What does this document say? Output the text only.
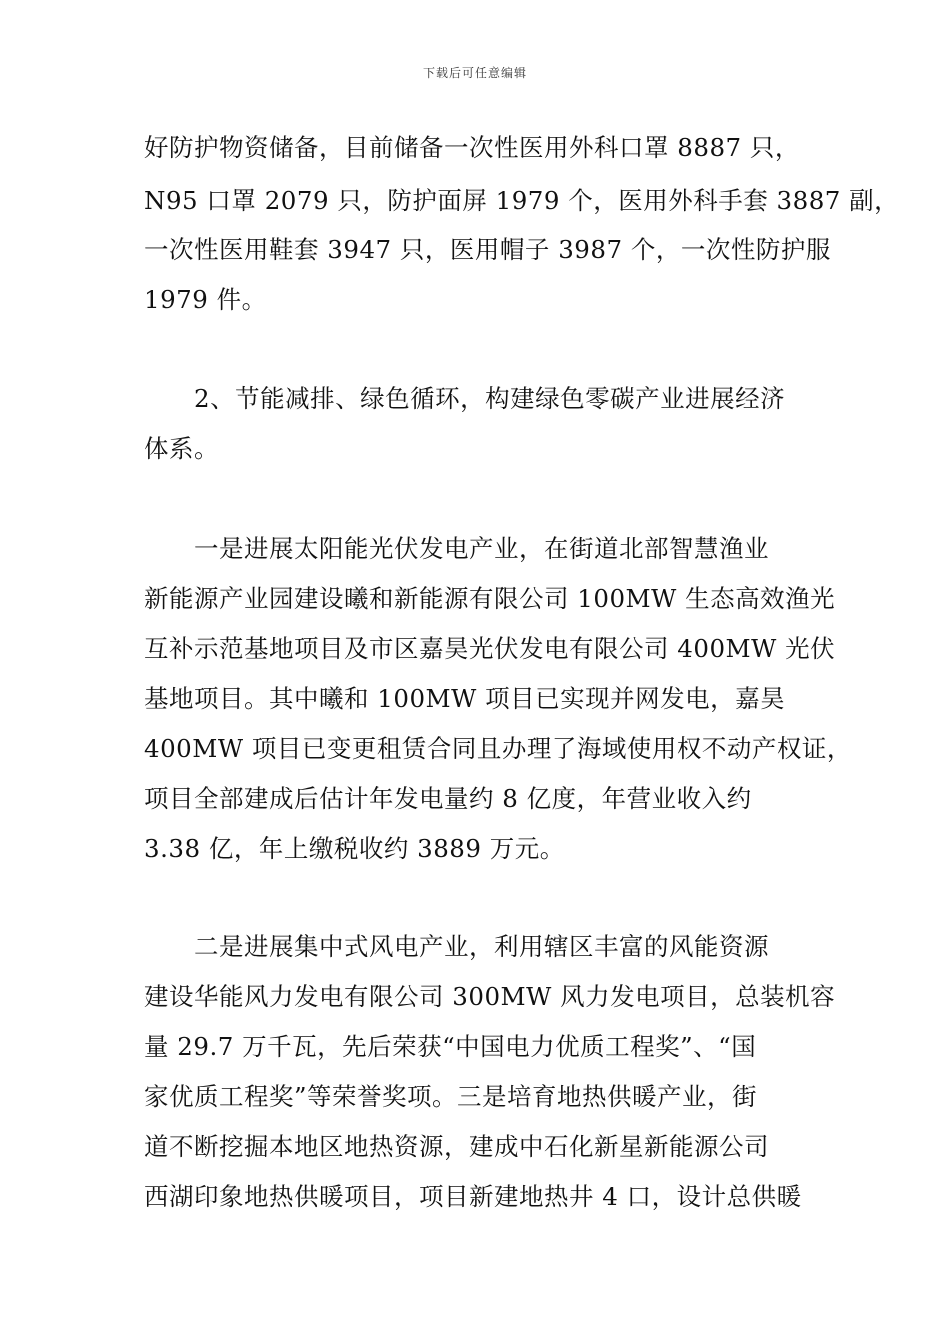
下载后可任意编辑
好防护物资储备，目前储备一次性医用外科口罩 8887 只，
N95 口罩 2079 只，防护面屏 1979 个，医用外科手套 3887 副，
一次性医用鞋套 3947 只，医用帽子 3987 个，一次性防护服
1979 件。
2、节能减排、绿色循环，构建绿色零碳产业进展经济
体系。
一是进展太阳能光伏发电产业，在街道北部智慧渔业
新能源产业园建设曦和新能源有限公司 100MW 生态高效渔光
互补示范基地项目及市区嘉昊光伏发电有限公司 400MW 光伏
基地项目。其中曦和 100MW 项目已实现并网发电，嘉昊
400MW 项目已变更租赁合同且办理了海域使用权不动产权证，
项目全部建成后估计年发电量约 8 亿度，年营业收入约
3.38 亿，年上缴税收约 3889 万元。
二是进展集中式风电产业，利用辖区丰富的风能资源
建设华能风力发电有限公司 300MW 风力发电项目，总装机容
量 29.7 万千瓦，先后荣获“中国电力优质工程奖”、“国
家优质工程奖”等荣誉奖项。三是培育地热供暖产业，街
道不断挖掘本地区地热资源，建成中石化新星新能源公司
西湖印象地热供暖项目，项目新建地热井 4 口，设计总供暖
